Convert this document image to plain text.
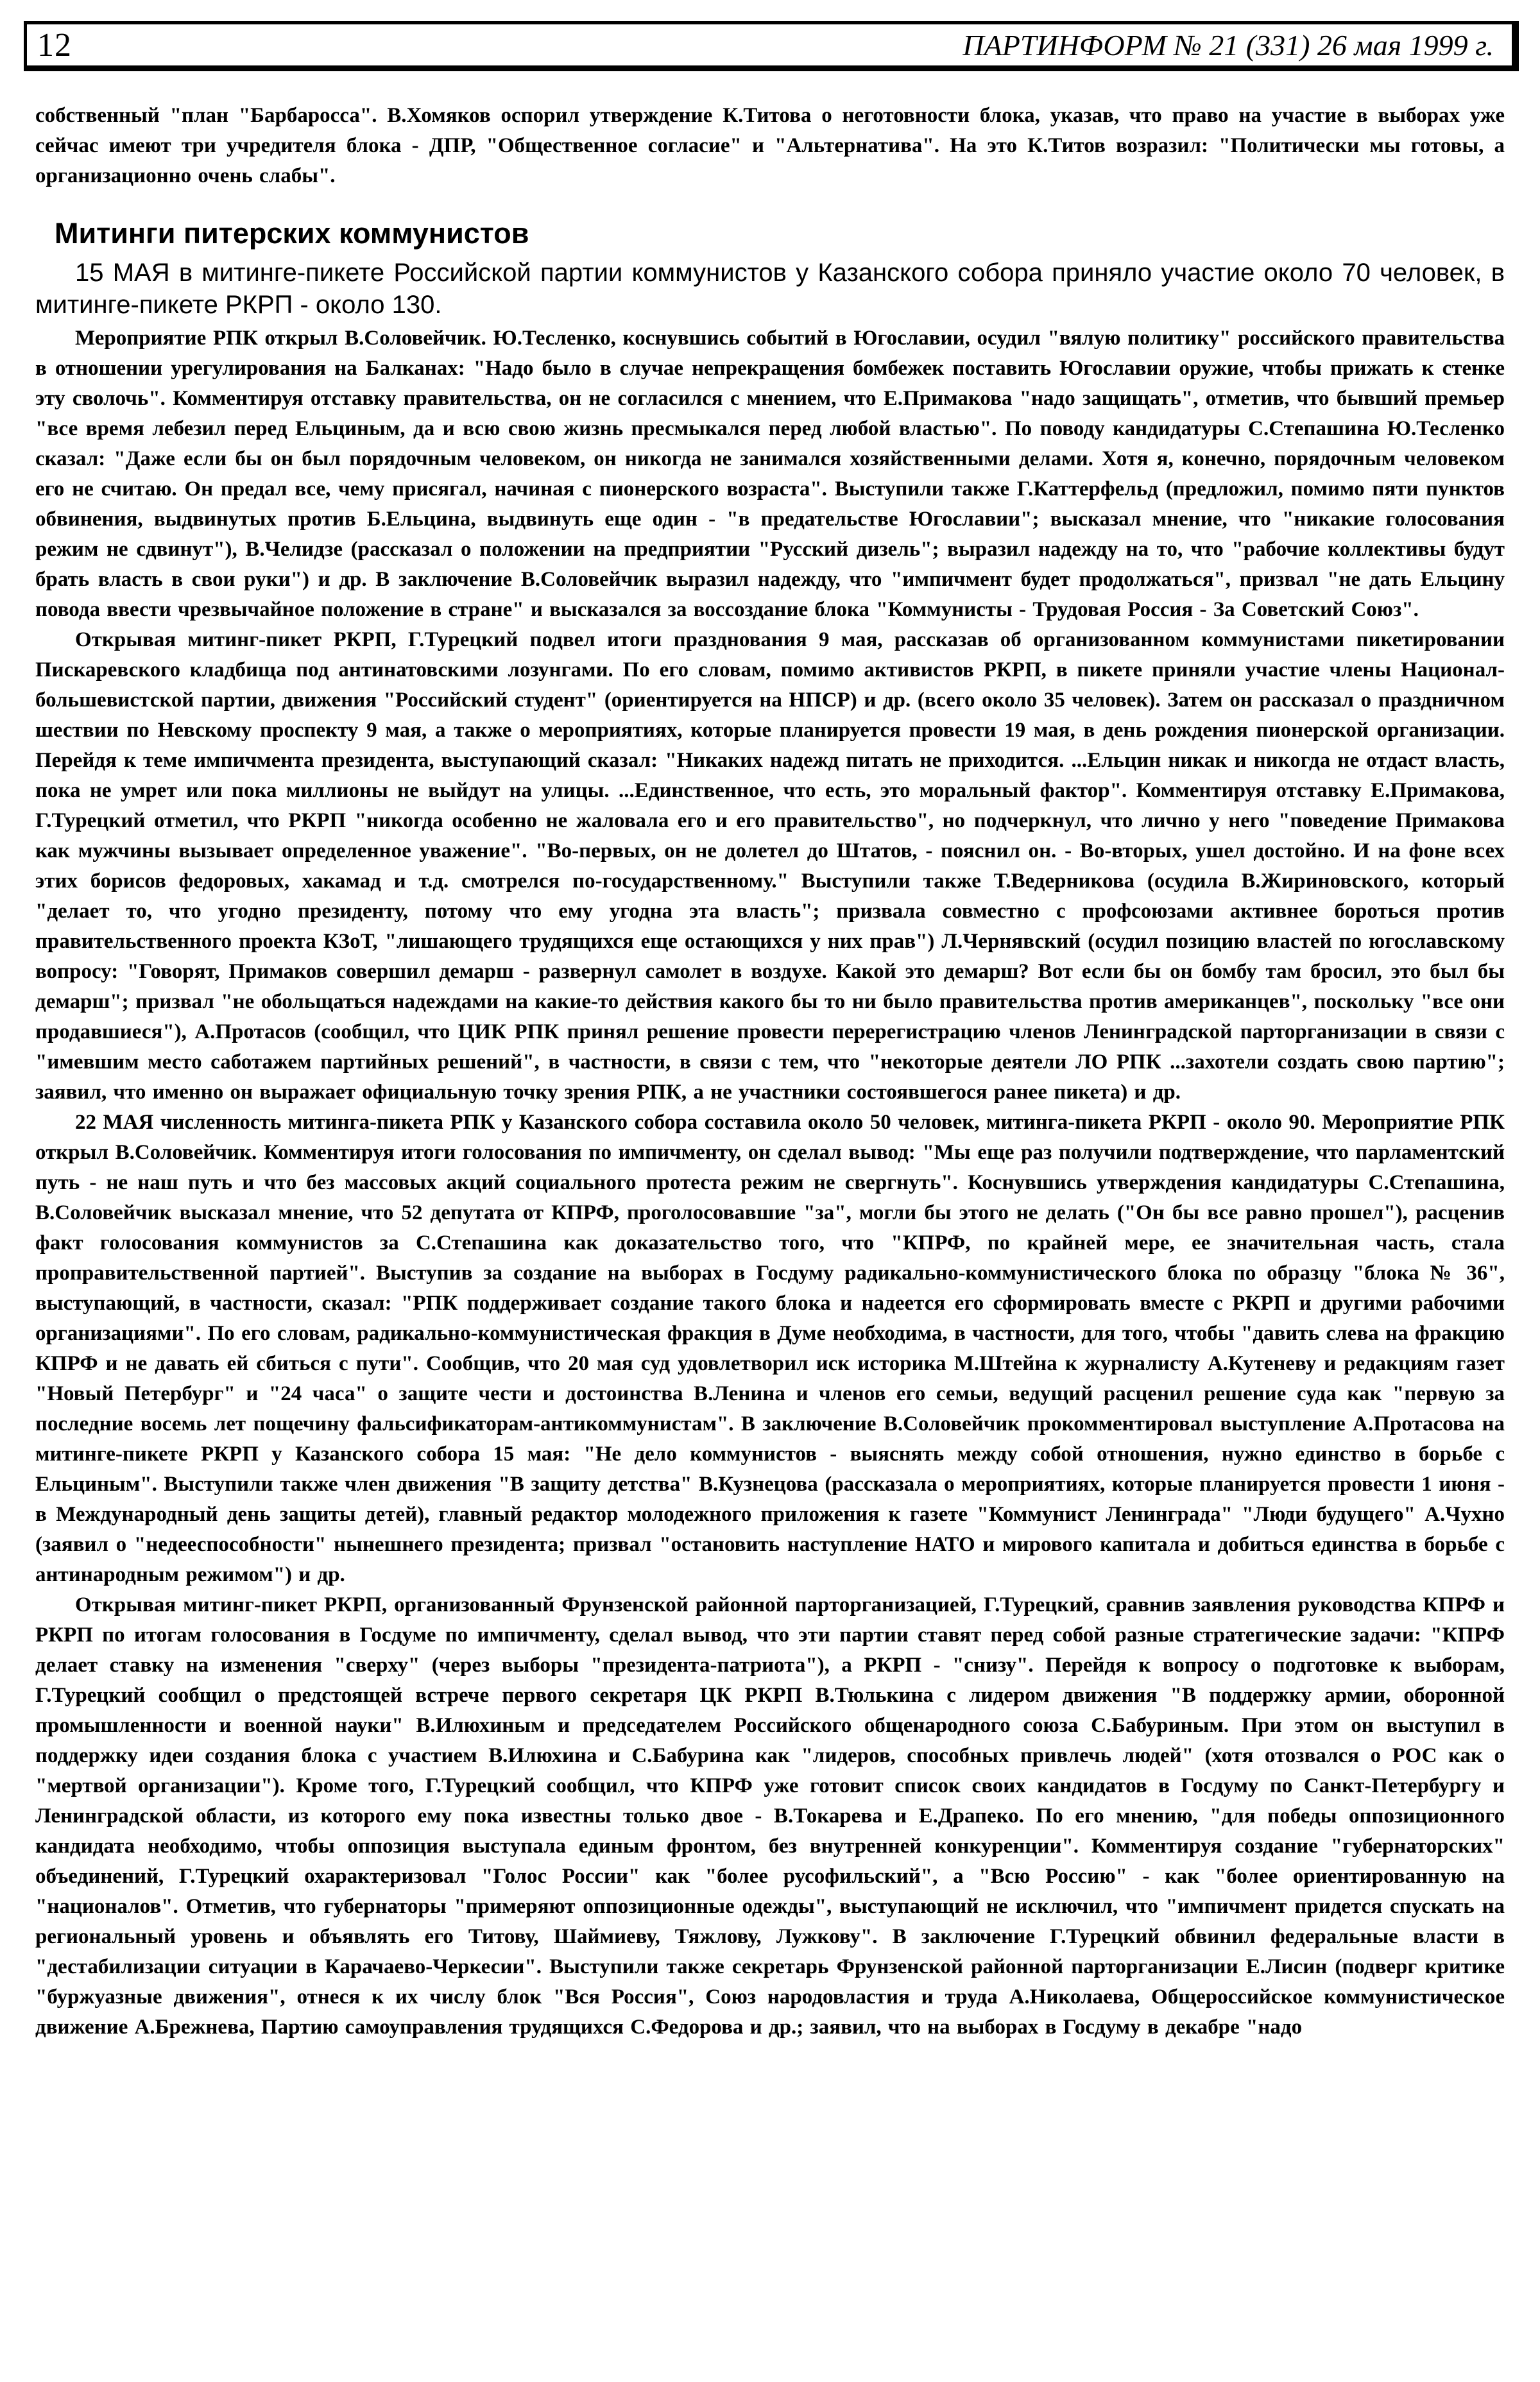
12	ПАРТИНФОРМ № 21 (331) 26 мая 1999 г.

собственный "план "Барбаросса". В.Хомяков оспорил утверждение К.Титова о неготовности блока, указав, что право на участие в выборах уже сейчас имеют три учредителя блока - ДПР, "Общественное согласие" и "Альтернатива". На это К.Титов возразил: "Политически мы готовы, а организационно очень слабы".

Митинги питерских коммунистов

15 МАЯ в митинге-пикете Российской партии коммунистов у Казанского собора приняло участие около 70 человек, в митинге-пикете РКРП - около 130.

Мероприятие РПК открыл В.Соловейчик. Ю.Тесленко, коснувшись событий в Югославии, осудил "вялую политику" российского правительства в отношении урегулирования на Балканах: "Надо было в случае непрекращения бомбежек поставить Югославии оружие, чтобы прижать к стенке эту сволочь". Комментируя отставку правительства, он не согласился с мнением, что Е.Примакова "надо защищать", отметив, что бывший премьер "все время лебезил перед Ельциным, да и всю свою жизнь пресмыкался перед любой властью". По поводу кандидатуры С.Степашина Ю.Тесленко сказал: "Даже если бы он был порядочным человеком, он никогда не занимался хозяйственными делами. Хотя я, конечно, порядочным человеком его не считаю. Он предал все, чему присягал, начиная с пионерского возраста". Выступили также Г.Каттерфельд (предложил, помимо пяти пунктов обвинения, выдвинутых против Б.Ельцина, выдвинуть еще один - "в предательстве Югославии"; высказал мнение, что "никакие голосования режим не сдвинут"), В.Челидзе (рассказал о положении на предприятии "Русский дизель"; выразил надежду на то, что "рабочие коллективы будут брать власть в свои руки") и др. В заключение В.Соловейчик выразил надежду, что "импичмент будет продолжаться", призвал "не дать Ельцину повода ввести чрезвычайное положение в стране" и высказался за воссоздание блока "Коммунисты - Трудовая Россия - За Советский Союз".

Открывая митинг-пикет РКРП, Г.Турецкий подвел итоги празднования 9 мая, рассказав об организованном коммунистами пикетировании Пискаревского кладбища под антинатовскими лозунгами. По его словам, помимо активистов РКРП, в пикете приняли участие члены Национал-большевистской партии, движения "Российский студент" (ориентируется на НПСР) и др. (всего около 35 человек). Затем он рассказал о праздничном шествии по Невскому проспекту 9 мая, а также о мероприятиях, которые планируется провести 19 мая, в день рождения пионерской организации. Перейдя к теме импичмента президента, выступающий сказал: "Никаких надежд питать не приходится. ...Ельцин никак и никогда не отдаст власть, пока не умрет или пока миллионы не выйдут на улицы. ...Единственное, что есть, это моральный фактор". Комментируя отставку Е.Примакова, Г.Турецкий отметил, что РКРП "никогда особенно не жаловала его и его правительство", но подчеркнул, что лично у него "поведение Примакова как мужчины вызывает определенное уважение". "Во-первых, он не долетел до Штатов, - пояснил он. - Во-вторых, ушел достойно. И на фоне всех этих борисов федоровых, хакамад и т.д. смотрелся по-государственному." Выступили также Т.Ведерникова (осудила В.Жириновского, который "делает то, что угодно президенту, потому что ему угодна эта власть"; призвала совместно с профсоюзами активнее бороться против правительственного проекта КЗоТ, "лишающего трудящихся еще остающихся у них прав") Л.Чернявский (осудил позицию властей по югославскому вопросу: "Говорят, Примаков совершил демарш - развернул самолет в воздухе. Какой это демарш? Вот если бы он бомбу там бросил, это был бы демарш"; призвал "не обольщаться надеждами на какие-то действия какого бы то ни было правительства против американцев", поскольку "все они продавшиеся"), А.Протасов (сообщил, что ЦИК РПК принял решение провести перерегистрацию членов Ленинградской парторганизации в связи с "имевшим место саботажем партийных решений", в частности, в связи с тем, что "некоторые деятели ЛО РПК ...захотели создать свою партию"; заявил, что именно он выражает официальную точку зрения РПК, а не участники состоявшегося ранее пикета) и др.

22 МАЯ численность митинга-пикета РПК у Казанского собора составила около 50 человек, митинга-пикета РКРП - около 90. Мероприятие РПК открыл В.Соловейчик. Комментируя итоги голосования по импичменту, он сделал вывод: "Мы еще раз получили подтверждение, что парламентский путь - не наш путь и что без массовых акций социального протеста режим не свергнуть". Коснувшись утверждения кандидатуры С.Степашина, В.Соловейчик высказал мнение, что 52 депутата от КПРФ, проголосовавшие "за", могли бы этого не делать ("Он бы все равно прошел"), расценив факт голосования коммунистов за С.Степашина как доказательство того, что "КПРФ, по крайней мере, ее значительная часть, стала проправительственной партией". Выступив за создание на выборах в Госдуму радикально-коммунистического блока по образцу "блока № 36", выступающий, в частности, сказал: "РПК поддерживает создание такого блока и надеется его сформировать вместе с РКРП и другими рабочими организациями". По его словам, радикально-коммунистическая фракция в Думе необходима, в частности, для того, чтобы "давить слева на фракцию КПРФ и не давать ей сбиться с пути". Сообщив, что 20 мая суд удовлетворил иск историка М.Штейна к журналисту А.Кутеневу и редакциям газет "Новый Петербург" и "24 часа" о защите чести и достоинства В.Ленина и членов его семьи, ведущий расценил решение суда как "первую за последние восемь лет пощечину фальсификаторам-антикоммунистам". В заключение В.Соловейчик прокомментировал выступление А.Протасова на митинге-пикете РКРП у Казанского собора 15 мая: "Не дело коммунистов - выяснять между собой отношения, нужно единство в борьбе с Ельциным". Выступили также член движения "В защиту детства" В.Кузнецова (рассказала о мероприятиях, которые планируется провести 1 июня - в Международный день защиты детей), главный редактор молодежного приложения к газете "Коммунист Ленинграда" "Люди будущего" А.Чухно (заявил о "недееспособности" нынешнего президента; призвал "остановить наступление НАТО и мирового капитала и добиться единства в борьбе с антинародным режимом") и др.

Открывая митинг-пикет РКРП, организованный Фрунзенской районной парторганизацией, Г.Турецкий, сравнив заявления руководства КПРФ и РКРП по итогам голосования в Госдуме по импичменту, сделал вывод, что эти партии ставят перед собой разные стратегические задачи: "КПРФ делает ставку на изменения "сверху" (через выборы "президента-патриота"), а РКРП - "снизу". Перейдя к вопросу о подготовке к выборам, Г.Турецкий сообщил о предстоящей встрече первого секретаря ЦК РКРП В.Тюлькина с лидером движения "В поддержку армии, оборонной промышленности и военной науки" В.Илюхиным и председателем Российского общенародного союза С.Бабуриным. При этом он выступил в поддержку идеи создания блока с участием В.Илюхина и С.Бабурина как "лидеров, способных привлечь людей" (хотя отозвался о РОС как о "мертвой организации"). Кроме того, Г.Турецкий сообщил, что КПРФ уже готовит список своих кандидатов в Госдуму по Санкт-Петербургу и Ленинградской области, из которого ему пока известны только двое - В.Токарева и Е.Драпеко. По его мнению, "для победы оппозиционного кандидата необходимо, чтобы оппозиция выступала единым фронтом, без внутренней конкуренции". Комментируя создание "губернаторских" объединений, Г.Турецкий охарактеризовал "Голос России" как "более русофильский", а "Всю Россию" - как "более ориентированную на "националов". Отметив, что губернаторы "примеряют оппозиционные одежды", выступающий не исключил, что "импичмент придется спускать на региональный уровень и объявлять его Титову, Шаймиеву, Тяжлову, Лужкову". В заключение Г.Турецкий обвинил федеральные власти в "дестабилизации ситуации в Карачаево-Черкесии". Выступили также секретарь Фрунзенской районной парторганизации Е.Лисин (подверг критике "буржуазные движения", отнеся к их числу блок "Вся Россия", Союз народовластия и труда А.Николаева, Общероссийское коммунистическое движение А.Брежнева, Партию самоуправления трудящихся С.Федорова и др.; заявил, что на выборах в Госдуму в декабре "надо
